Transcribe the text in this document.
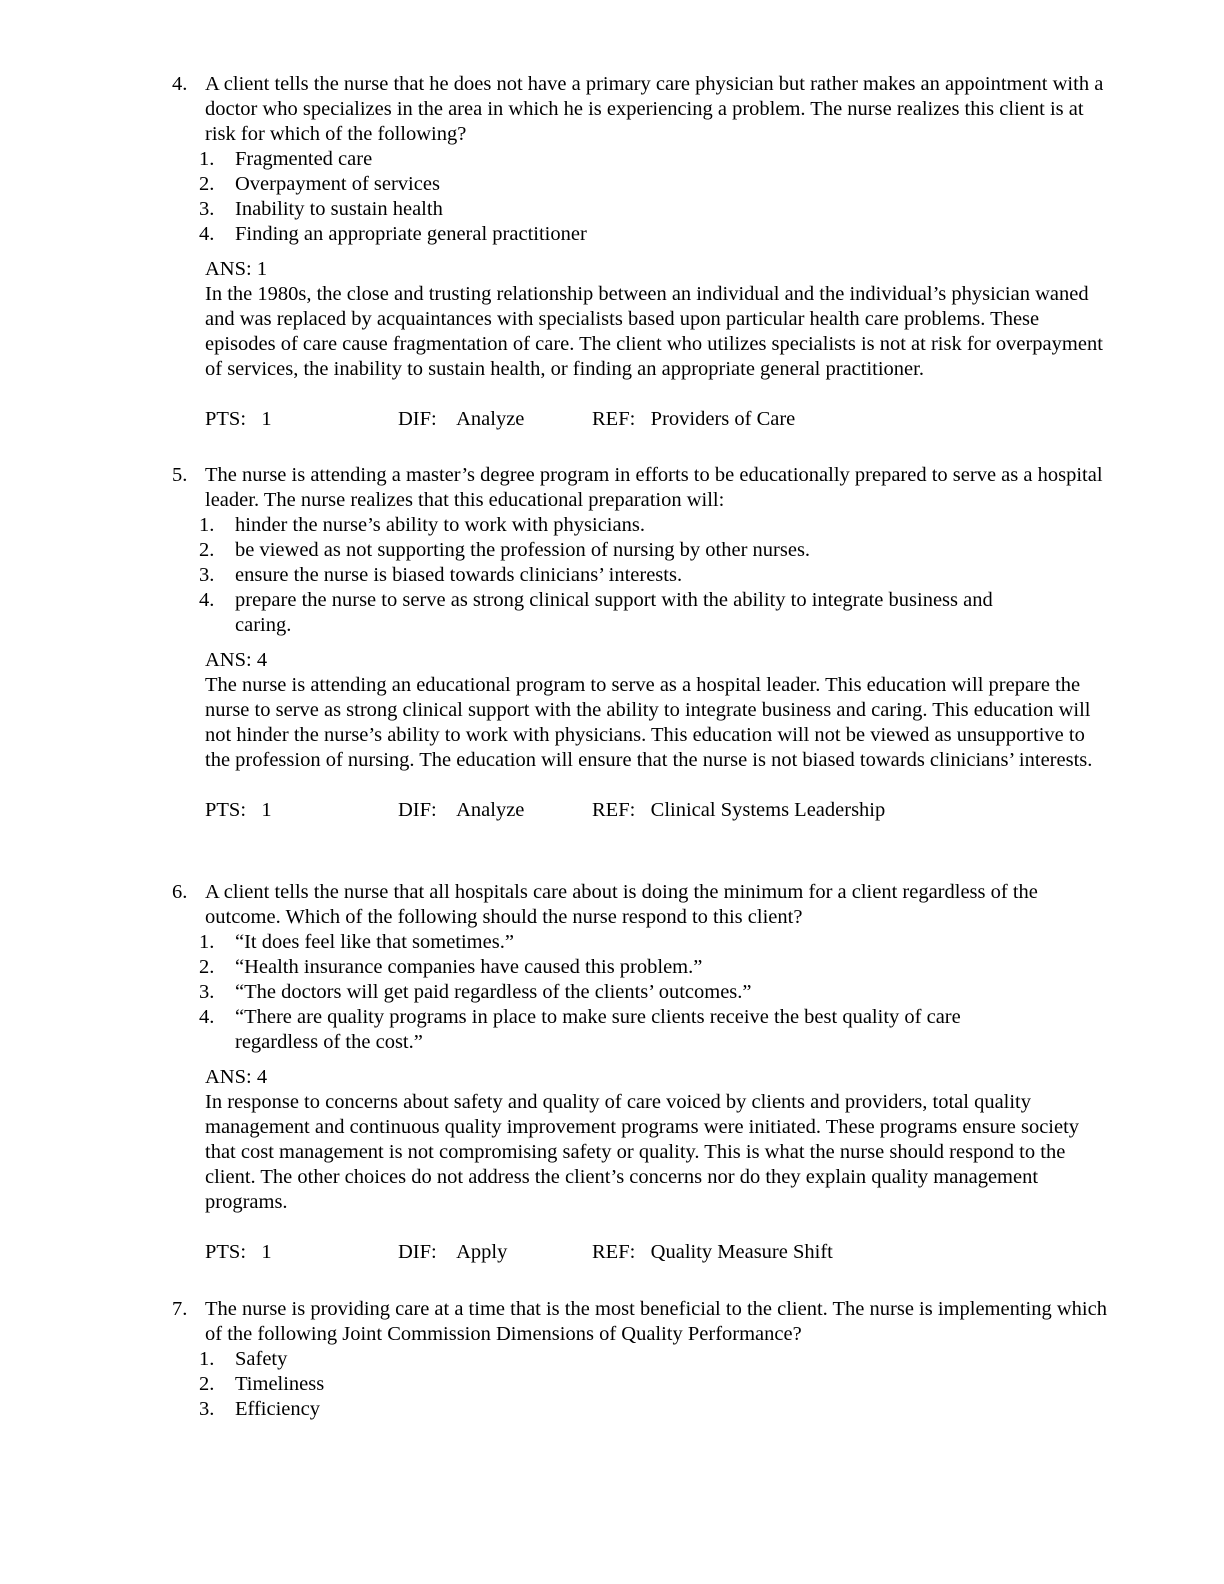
4. A client tells the nurse that he does not have a primary care physician but rather makes an appointment with a doctor who specializes in the area in which he is experiencing a problem. The nurse realizes this client is at risk for which of the following?
1. Fragmented care
2. Overpayment of services
3. Inability to sustain health
4. Finding an appropriate general practitioner
ANS: 1
In the 1980s, the close and trusting relationship between an individual and the individual’s physician waned and was replaced by acquaintances with specialists based upon particular health care problems. These episodes of care cause fragmentation of care. The client who utilizes specialists is not at risk for overpayment of services, the inability to sustain health, or finding an appropriate general practitioner.
PTS:   1	DIF:    Analyze	REF:   Providers of Care
5. The nurse is attending a master’s degree program in efforts to be educationally prepared to serve as a hospital leader. The nurse realizes that this educational preparation will:
1. hinder the nurse’s ability to work with physicians.
2. be viewed as not supporting the profession of nursing by other nurses.
3. ensure the nurse is biased towards clinicians’ interests.
4. prepare the nurse to serve as strong clinical support with the ability to integrate business and caring.
ANS: 4
The nurse is attending an educational program to serve as a hospital leader. This education will prepare the nurse to serve as strong clinical support with the ability to integrate business and caring. This education will not hinder the nurse’s ability to work with physicians. This education will not be viewed as unsupportive to the profession of nursing. The education will ensure that the nurse is not biased towards clinicians’ interests.
PTS:   1	DIF:    Analyze	REF:   Clinical Systems Leadership
6. A client tells the nurse that all hospitals care about is doing the minimum for a client regardless of the outcome. Which of the following should the nurse respond to this client?
1. “It does feel like that sometimes.”
2. “Health insurance companies have caused this problem.”
3. “The doctors will get paid regardless of the clients’ outcomes.”
4. “There are quality programs in place to make sure clients receive the best quality of care regardless of the cost.”
ANS: 4
In response to concerns about safety and quality of care voiced by clients and providers, total quality management and continuous quality improvement programs were initiated. These programs ensure society that cost management is not compromising safety or quality. This is what the nurse should respond to the client. The other choices do not address the client’s concerns nor do they explain quality management programs.
PTS:   1	DIF:    Apply	REF:   Quality Measure Shift
7. The nurse is providing care at a time that is the most beneficial to the client. The nurse is implementing which of the following Joint Commission Dimensions of Quality Performance?
1. Safety
2. Timeliness
3. Efficiency
